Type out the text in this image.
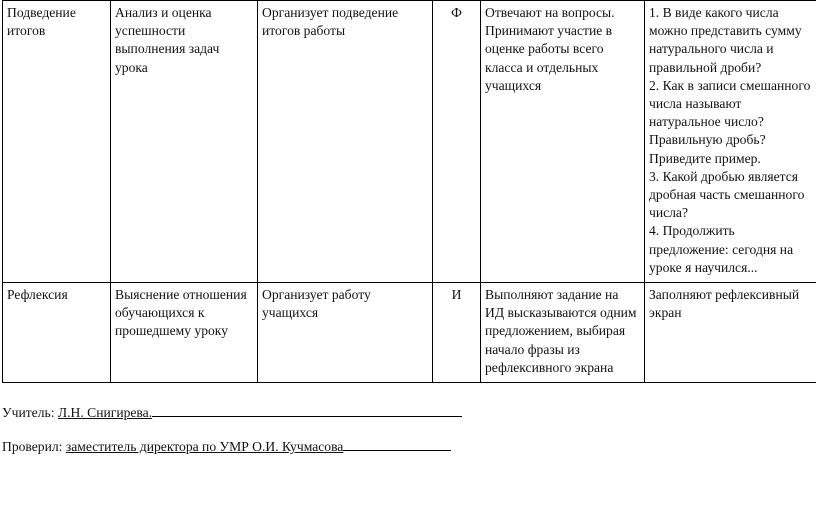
Подведение итогов	Анализ и оценка успешности выполнения задач урока	Организует подведение итогов работы	Ф	Отвечают на вопросы. Принимают участие в оценке работы всего класса и отдельных учащихся	1. В виде какого числа можно представить сумму натурального числа и правильной дроби?
2. Как в записи смешанного числа называют натуральное число? Правильную дробь? Приведите пример.
3. Какой дробью является дробная часть смешанного числа?
4. Продолжить предложение: сегодня на уроке я научился...

Рефлексия	Выяснение отношения обучающихся к прошедшему уроку	Организует работу учащихся	И	Выполняют задание на ИД высказываются одним предложением, выбирая начало фразы из рефлексивного экрана	Заполняют рефлексивный экран
Учитель: Л.Н. Снигирева.
Проверил: заместитель директора по УМР О.И. Кучмасова
